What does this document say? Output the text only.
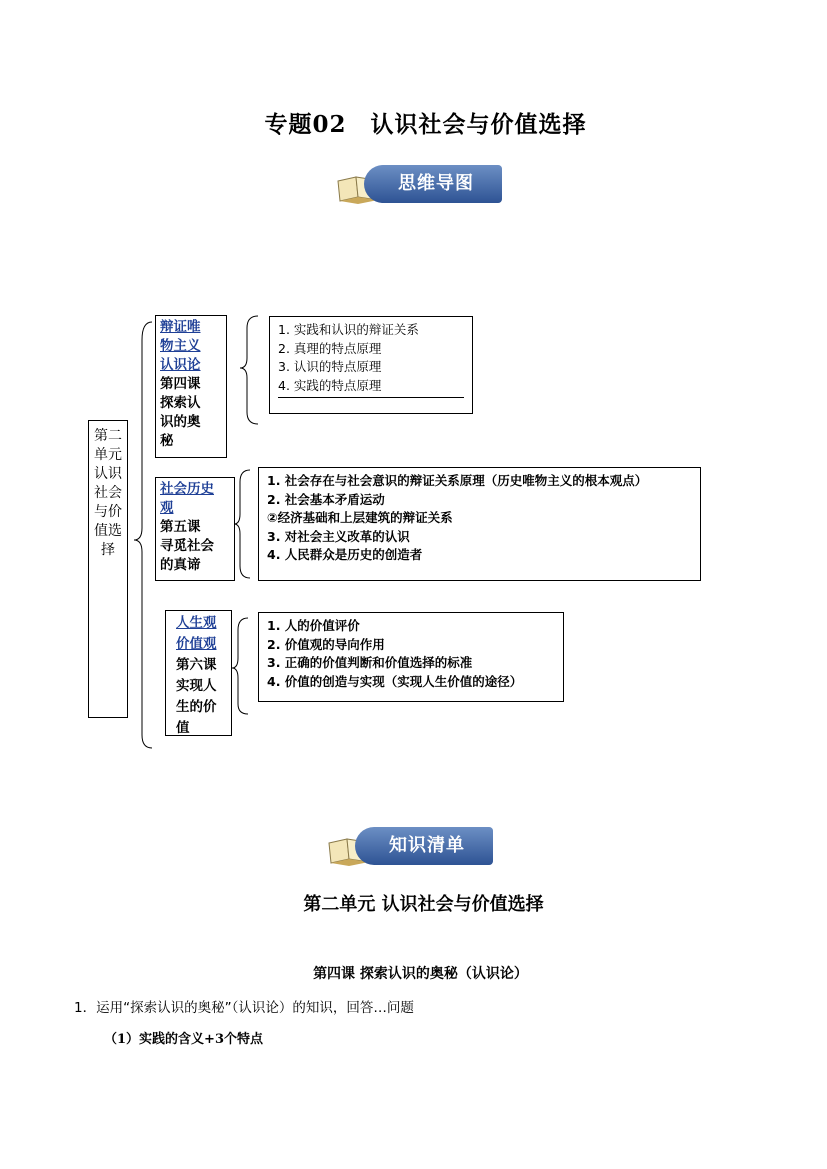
专题02　认识社会与价值选择
思维导图
第二单元认识社会与价值选择
辩证唯
物主义
认识论
第四课
探索认
识的奥
秘
1. 实践和认识的辩证关系
2. 真理的特点原理
3. 认识的特点原理
4. 实践的特点原理
社会历史
观
第五课
寻觅社会
的真谛
1. 社会存在与社会意识的辩证关系原理（历史唯物主义的根本观点）
2. 社会基本矛盾运动
②经济基础和上层建筑的辩证关系
3. 对社会主义改革的认识
4. 人民群众是历史的创造者
人生观
价值观
第六课
实现人
生的价
值
1. 人的价值评价
2. 价值观的导向作用
3. 正确的价值判断和价值选择的标准
4. 价值的创造与实现（实现人生价值的途径）
知识清单
第二单元 认识社会与价值选择
第四课 探索认识的奥秘（认识论）
1．运用“探索认识的奥秘”（认识论）的知识，回答…问题
（1）实践的含义+3个特点
